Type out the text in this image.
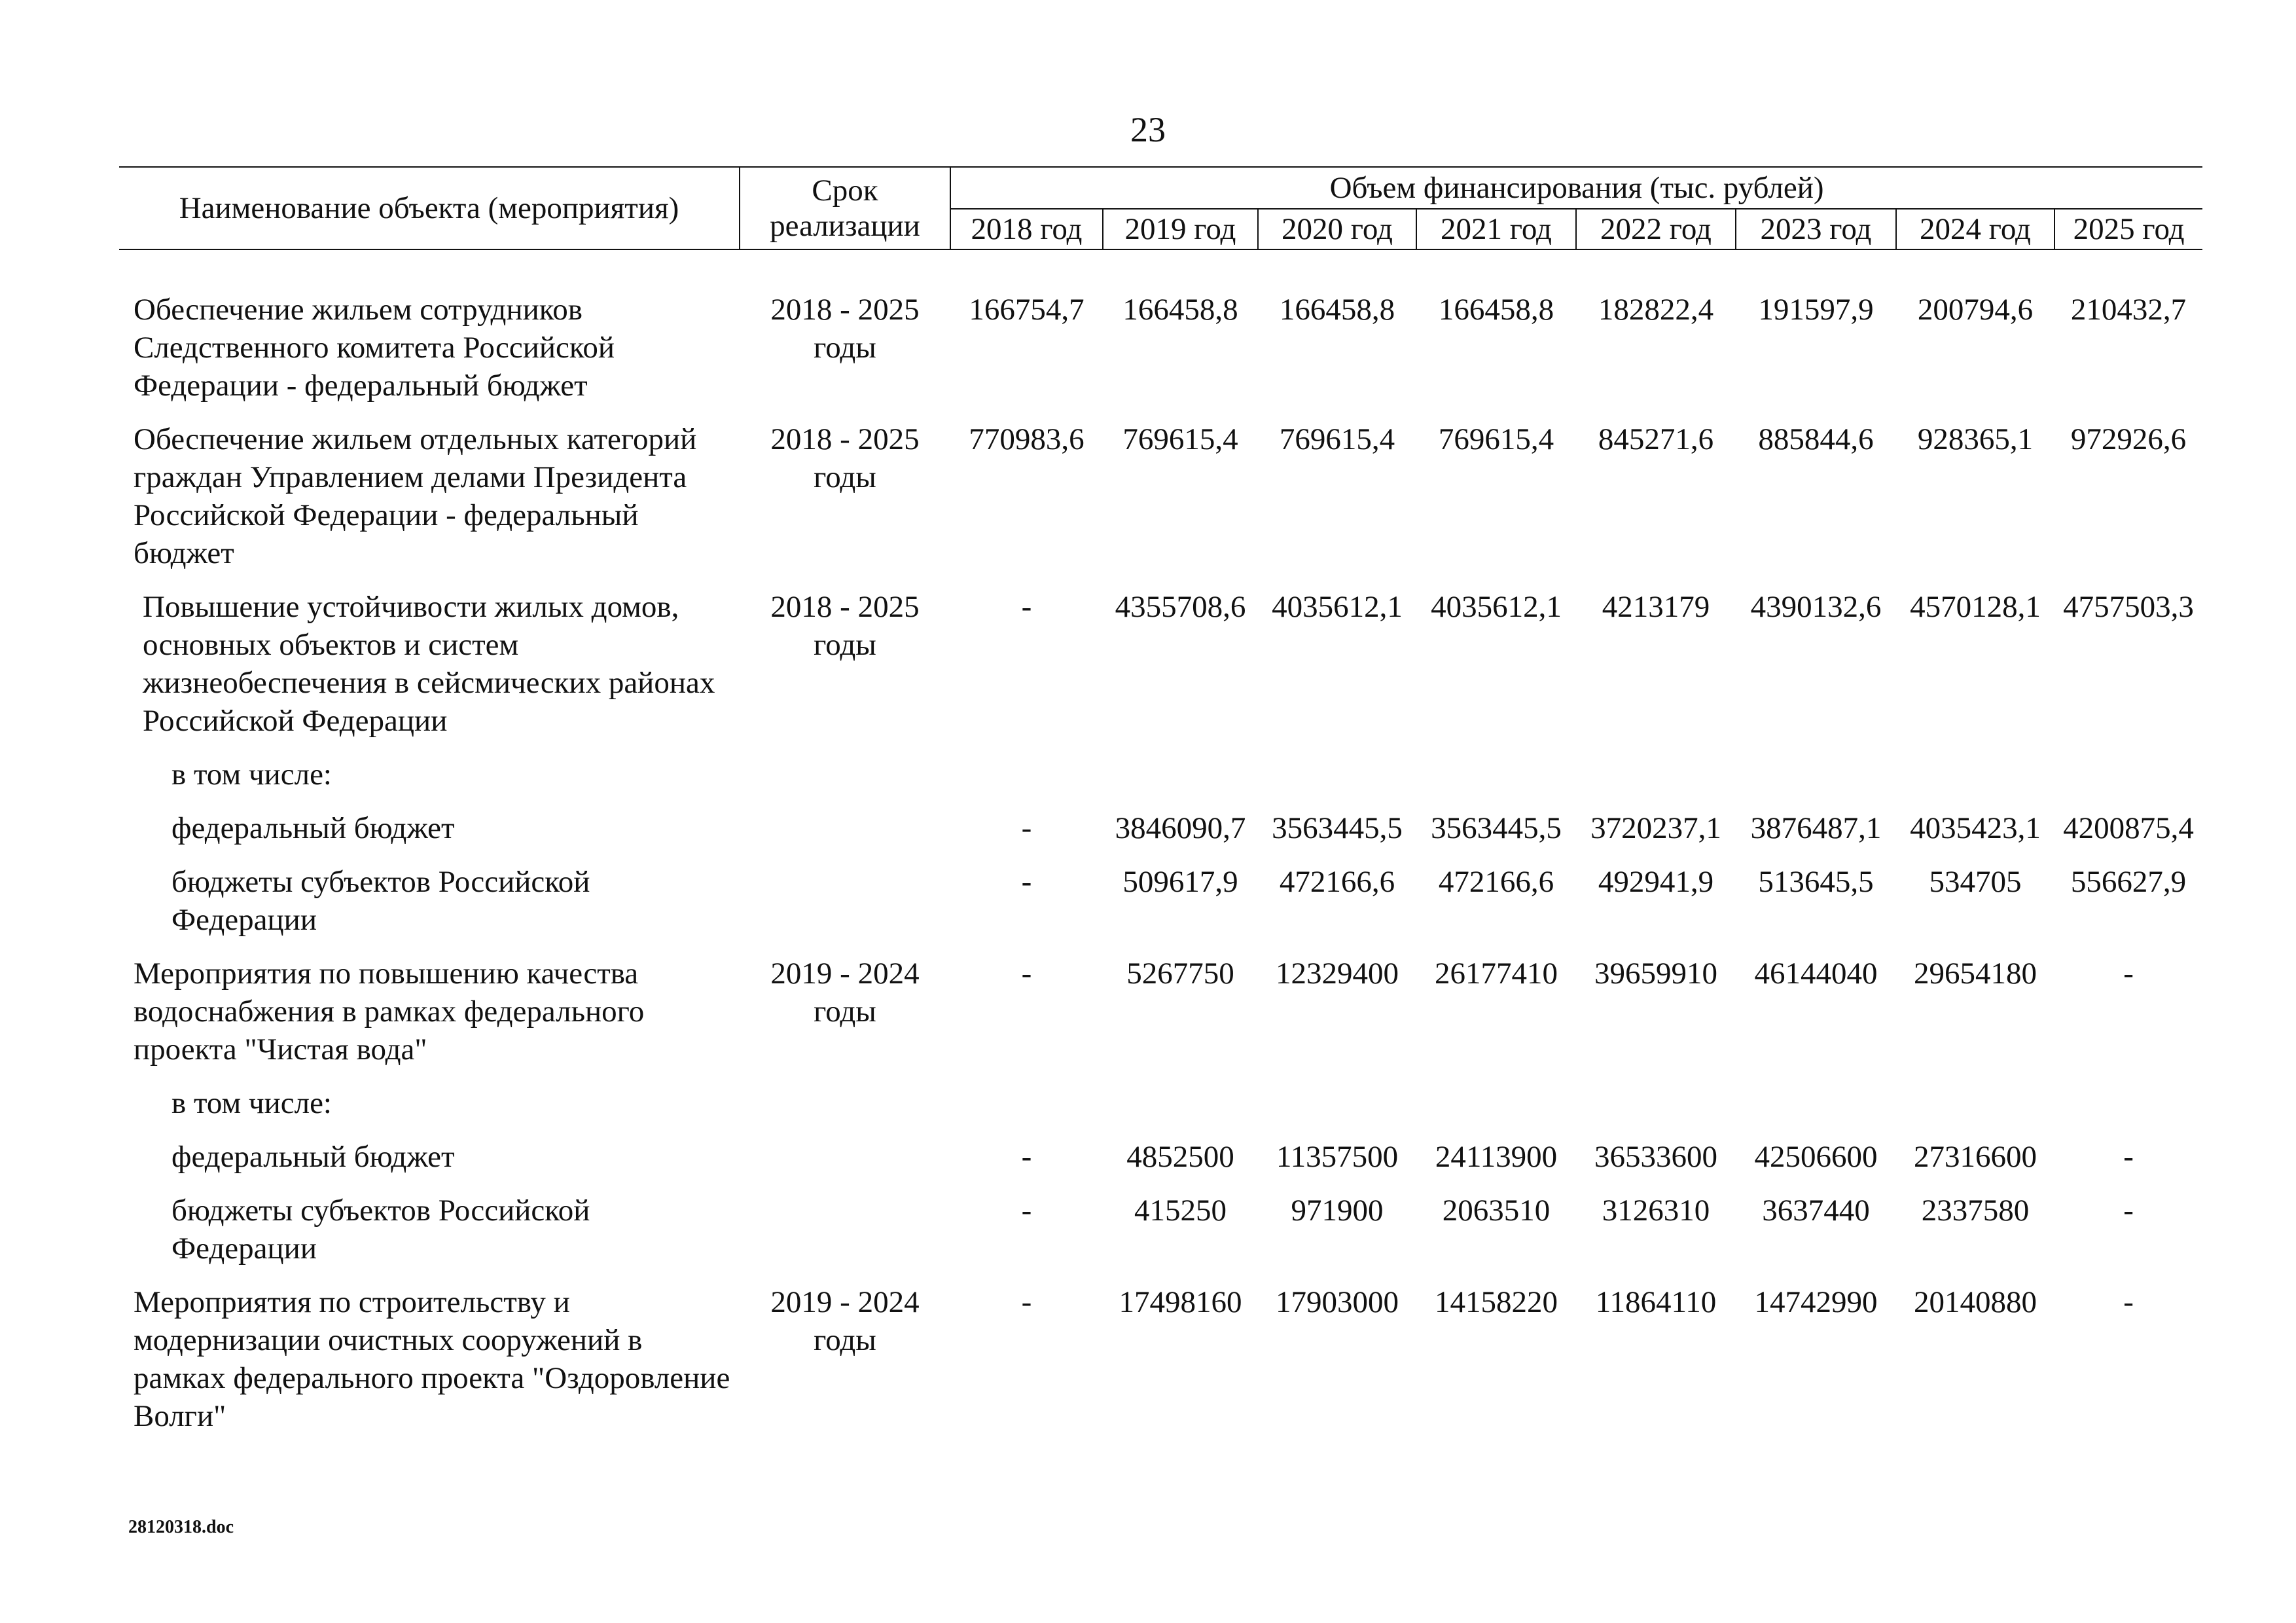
23
Наименование объекта (мероприятия)	Срок реализации	Объем финансирования (тыс. рублей)							
		2018 год	2019 год	2020 год	2021 год	2022 год	2023 год	2024 год	2025 год

Обеспечение жильем сотрудников Следственного комитета Российской Федерации - федеральный бюджет	2018 - 2025 годы	166754,7	166458,8	166458,8	166458,8	182822,4	191597,9	200794,6	210432,7
Обеспечение жильем отдельных категорий граждан Управлением делами Президента Российской Федерации - федеральный бюджет	2018 - 2025 годы	770983,6	769615,4	769615,4	769615,4	845271,6	885844,6	928365,1	972926,6
Повышение устойчивости жилых домов, основных объектов и систем жизнеобеспечения в сейсмических районах Российской Федерации	2018 - 2025 годы	-	4355708,6	4035612,1	4035612,1	4213179	4390132,6	4570128,1	4757503,3
в том числе:									
федеральный бюджет		-	3846090,7	3563445,5	3563445,5	3720237,1	3876487,1	4035423,1	4200875,4
бюджеты субъектов Российской Федерации		-	509617,9	472166,6	472166,6	492941,9	513645,5	534705	556627,9
Мероприятия по повышению качества водоснабжения в рамках федерального проекта "Чистая вода"	2019 - 2024 годы	-	5267750	12329400	26177410	39659910	46144040	29654180	-
в том числе:									
федеральный бюджет		-	4852500	11357500	24113900	36533600	42506600	27316600	-
бюджеты субъектов Российской Федерации		-	415250	971900	2063510	3126310	3637440	2337580	-
Мероприятия по строительству и модернизации очистных сооружений в рамках федерального проекта "Оздоровление Волги"	2019 - 2024 годы	-	17498160	17903000	14158220	11864110	14742990	20140880	-
28120318.doc
